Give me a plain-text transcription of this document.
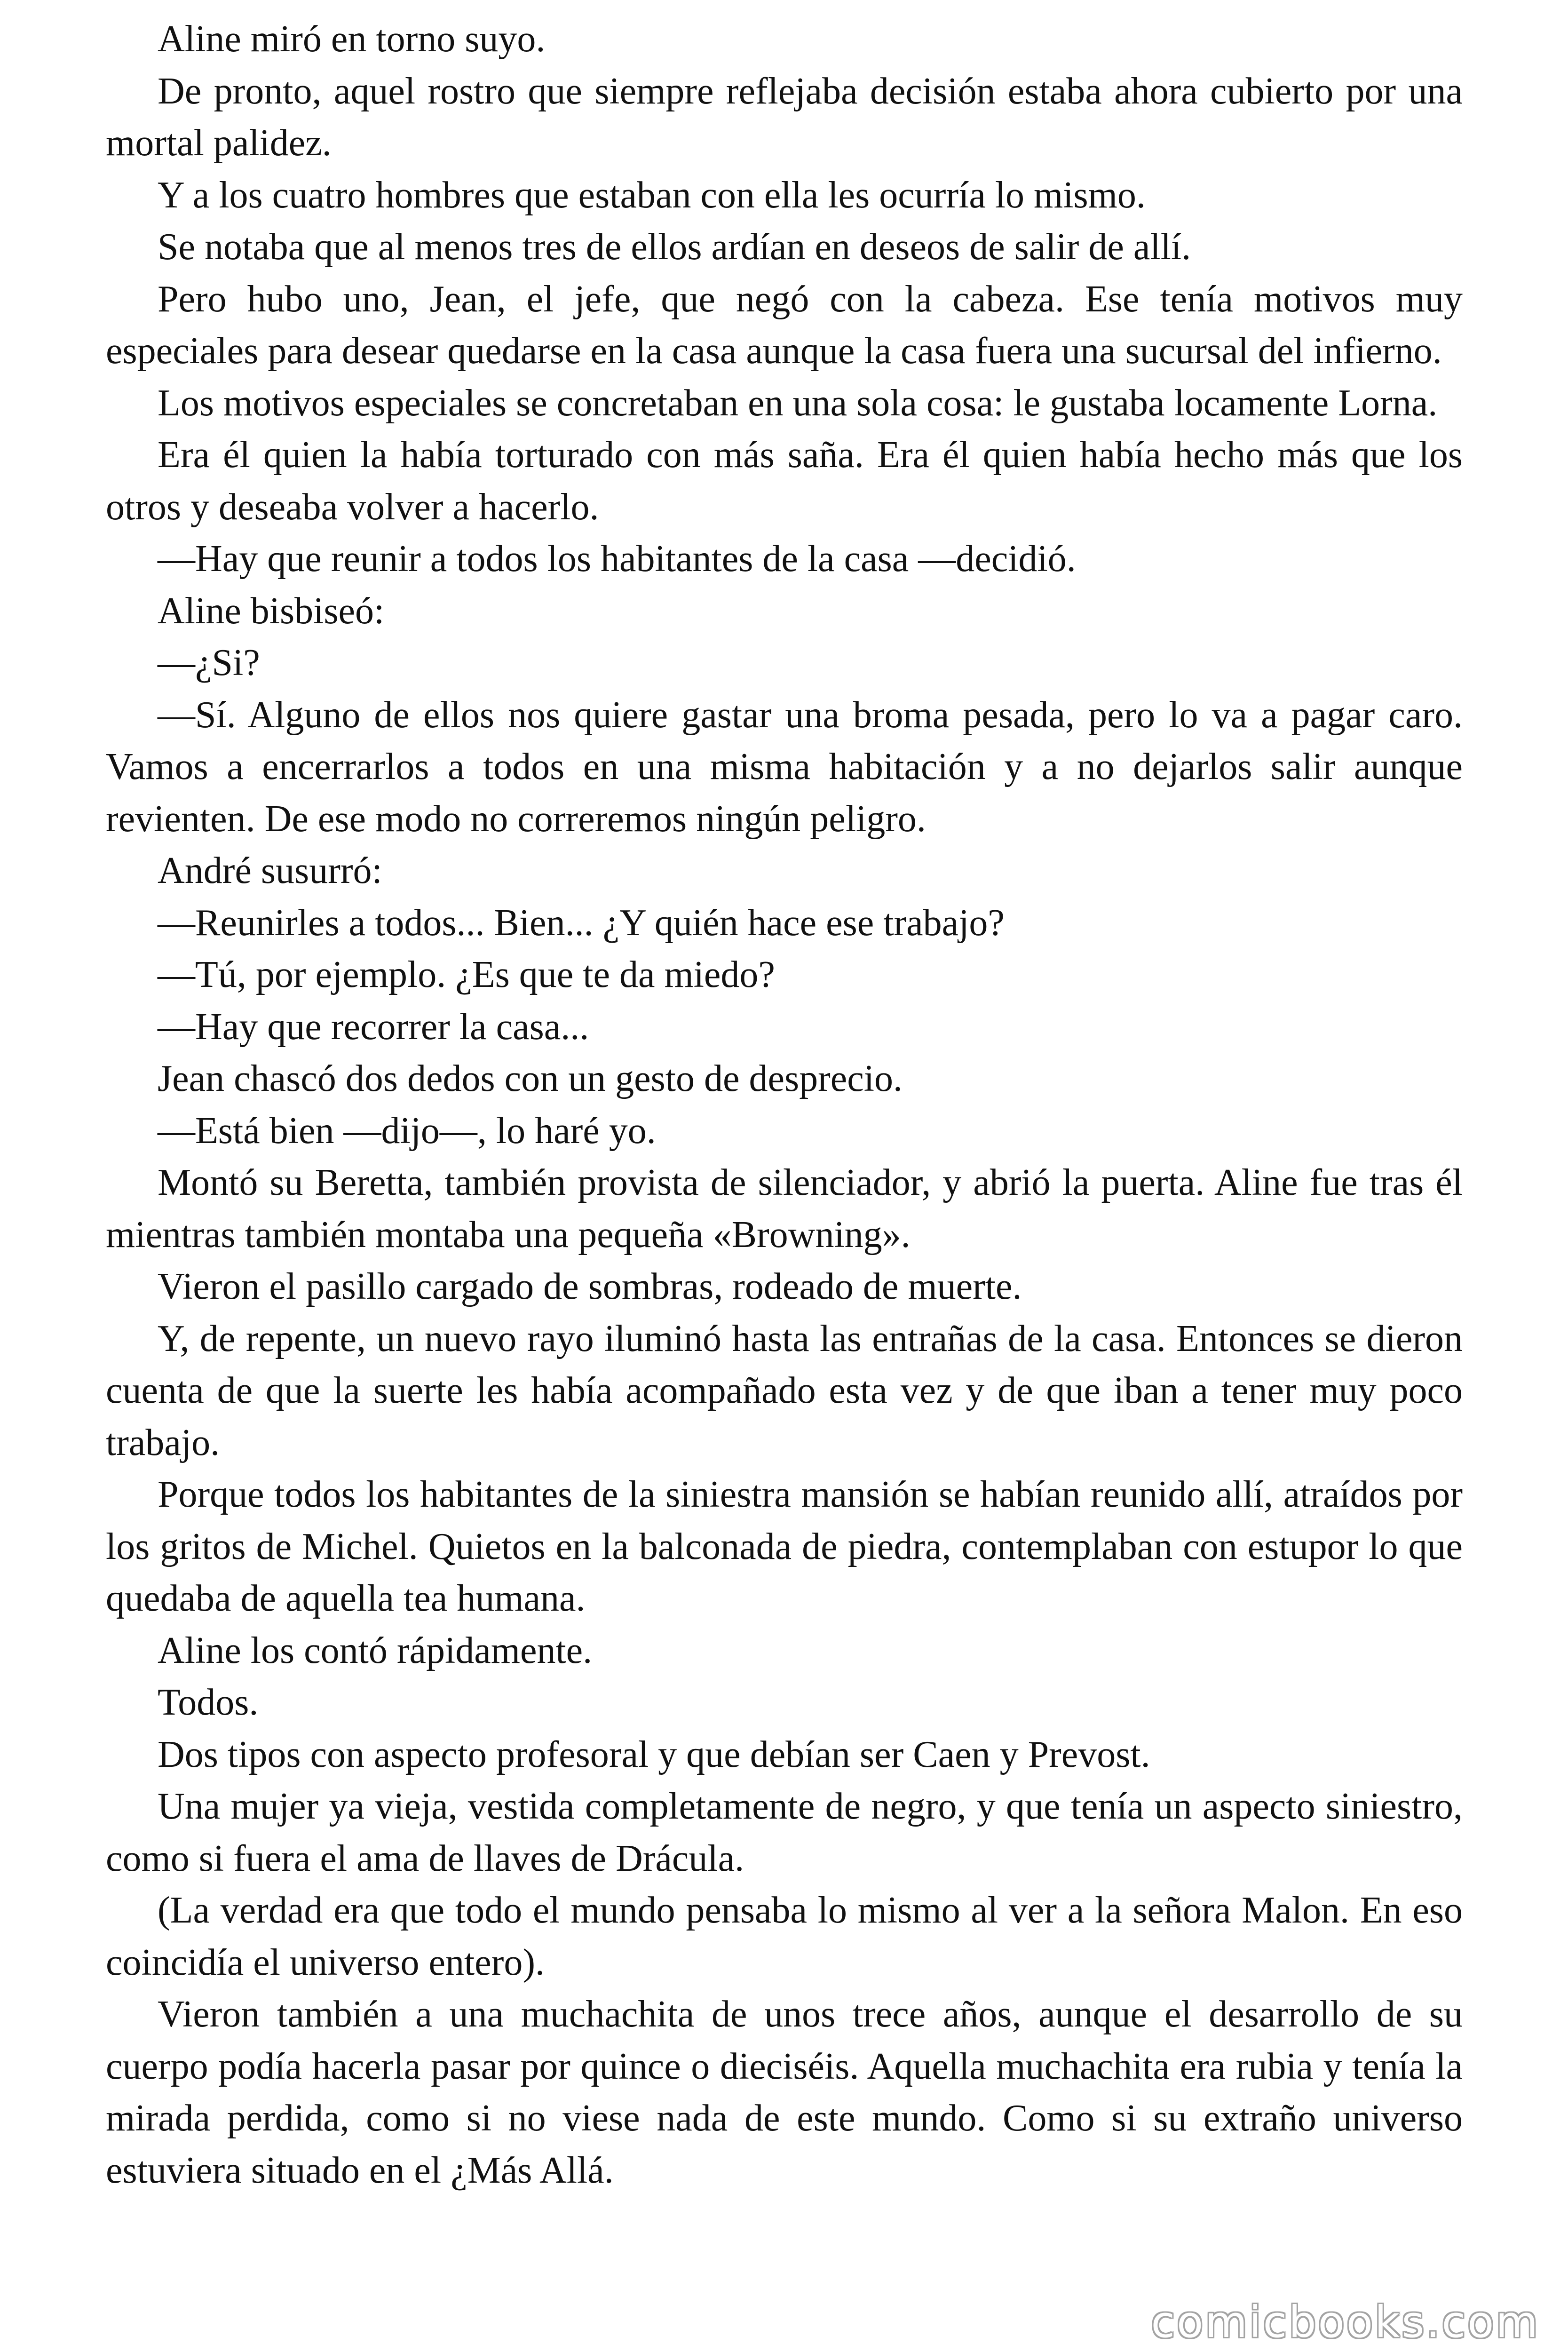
Aline miró en torno suyo.

De pronto, aquel rostro que siempre reflejaba decisión estaba ahora cubierto por una mortal palidez.

Y a los cuatro hombres que estaban con ella les ocurría lo mismo.

Se notaba que al menos tres de ellos ardían en deseos de salir de allí.

Pero hubo uno, Jean, el jefe, que negó con la cabeza. Ese tenía motivos muy especiales para desear quedarse en la casa aunque la casa fuera una sucursal del infierno.

Los motivos especiales se concretaban en una sola cosa: le gustaba locamente Lorna.

Era él quien la había torturado con más saña. Era él quien había hecho más que los otros y deseaba volver a hacerlo.

—Hay que reunir a todos los habitantes de la casa —decidió.

Aline bisbiseó:

—¿Si?

—Sí. Alguno de ellos nos quiere gastar una broma pesada, pero lo va a pagar caro. Vamos a encerrarlos a todos en una misma habitación y a no dejarlos salir aunque revienten. De ese modo no correremos ningún peligro.

André susurró:

—Reunirles a todos... Bien... ¿Y quién hace ese trabajo?

—Tú, por ejemplo. ¿Es que te da miedo?

—Hay que recorrer la casa...

Jean chascó dos dedos con un gesto de desprecio.

—Está bien —dijo—, lo haré yo.

Montó su Beretta, también provista de silenciador, y abrió la puerta. Aline fue tras él mientras también montaba una pequeña «Browning».

Vieron el pasillo cargado de sombras, rodeado de muerte.

Y, de repente, un nuevo rayo iluminó hasta las entrañas de la casa. Entonces se dieron cuenta de que la suerte les había acompañado esta vez y de que iban a tener muy poco trabajo.

Porque todos los habitantes de la siniestra mansión se habían reunido allí, atraídos por los gritos de Michel. Quietos en la balconada de piedra, contemplaban con estupor lo que quedaba de aquella tea humana.

Aline los contó rápidamente.

Todos.

Dos tipos con aspecto profesoral y que debían ser Caen y Prevost.

Una mujer ya vieja, vestida completamente de negro, y que tenía un aspecto siniestro, como si fuera el ama de llaves de Drácula.

(La verdad era que todo el mundo pensaba lo mismo al ver a la señora Malon. En eso coincidía el universo entero).

Vieron también a una muchachita de unos trece años, aunque el desarrollo de su cuerpo podía hacerla pasar por quince o dieciséis. Aquella muchachita era rubia y tenía la mirada perdida, como si no viese nada de este mundo. Como si su extraño universo estuviera situado en el ¿Más Allá.

comicbooks.com
